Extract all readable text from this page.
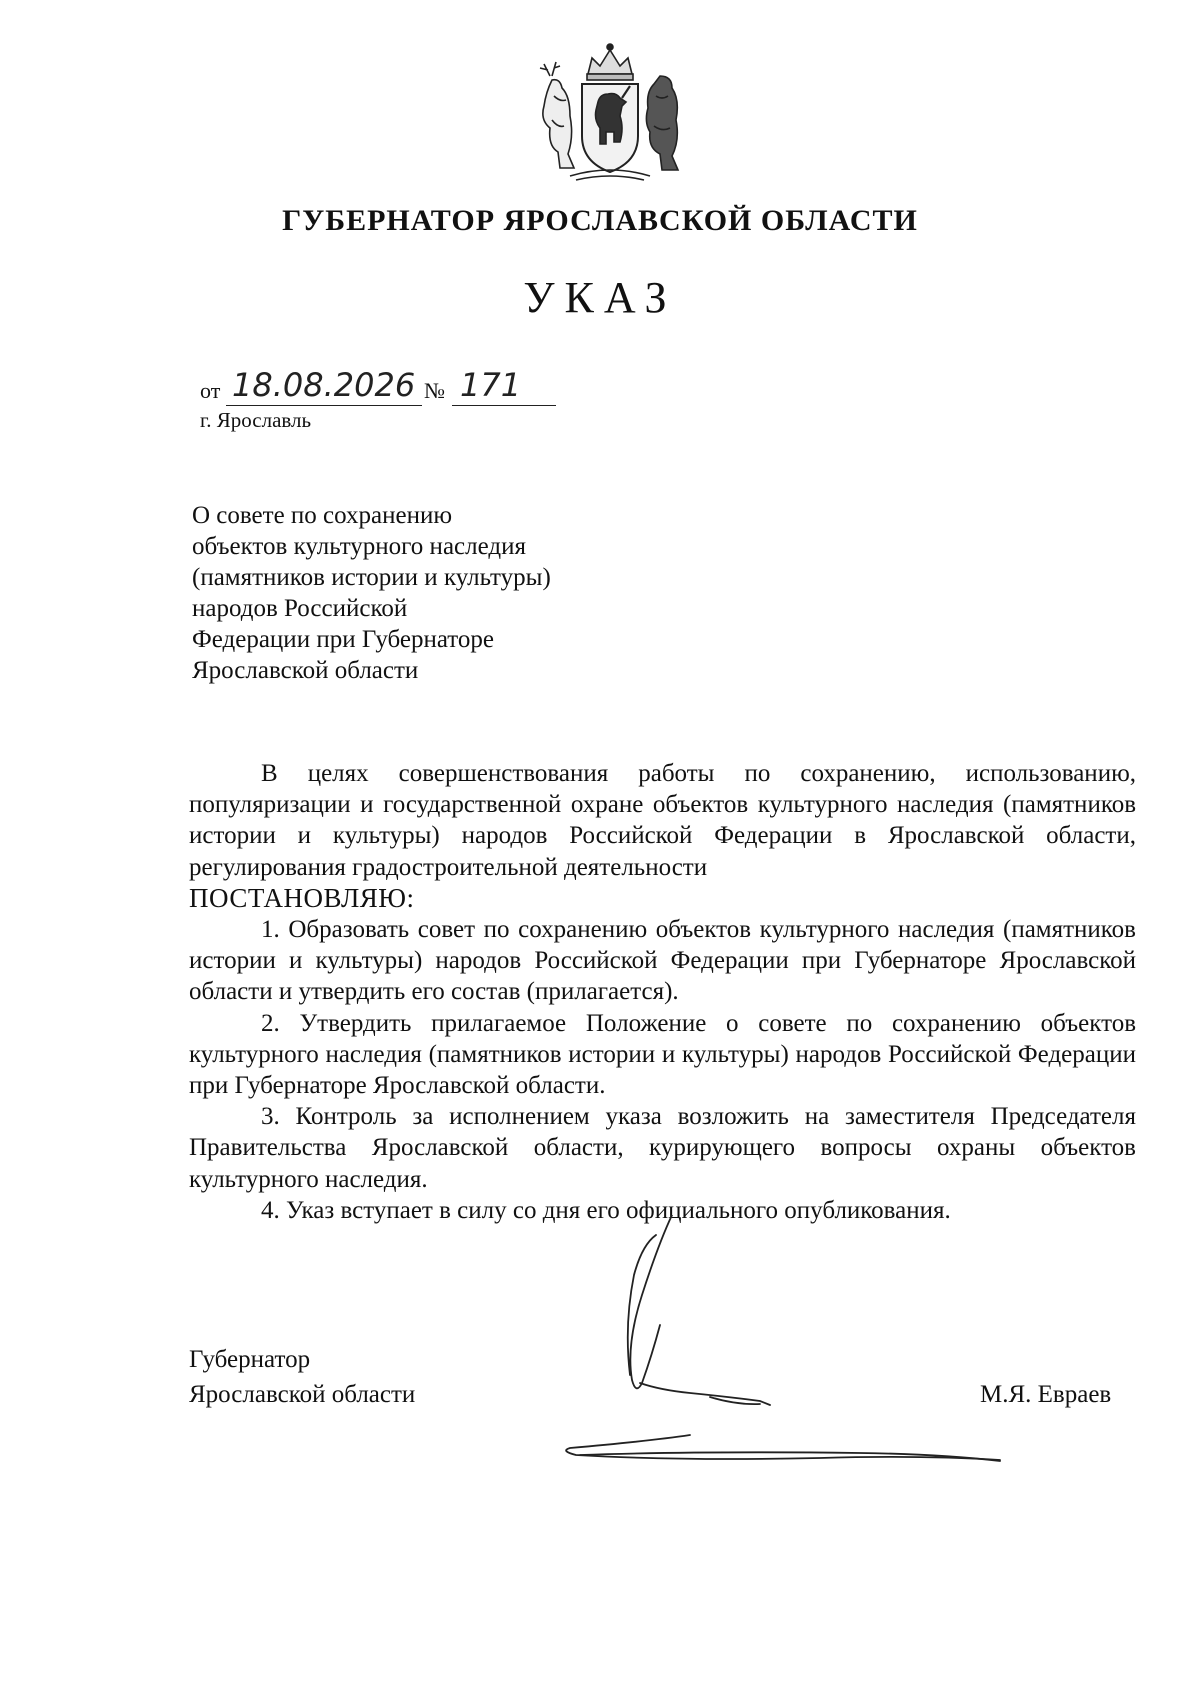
ГУБЕРНАТОР ЯРОСЛАВСКОЙ ОБЛАСТИ
УКАЗ
от 18.08.2026 № 171
г. Ярославль
О совете по сохранению
объектов культурного наследия
(памятников истории и культуры)
народов Российской
Федерации при Губернаторе
Ярославской области

В целях совершенствования работы по сохранению, использованию, популяризации и государственной охране объектов культурного наследия (памятников истории и культуры) народов Российской Федерации в Ярославской области, регулирования градостроительной деятельности

ПОСТАНОВЛЯЮ:

1. Образовать совет по сохранению объектов культурного наследия (памятников истории и культуры) народов Российской Федерации при Губернаторе Ярославской области и утвердить его состав (прилагается).

2. Утвердить прилагаемое Положение о совете по сохранению объектов культурного наследия (памятников истории и культуры) народов Российской Федерации при Губернаторе Ярославской области.

3. Контроль за исполнением указа возложить на заместителя Председателя Правительства Ярославской области, курирующего вопросы охраны объектов культурного наследия.

4. Указ вступает в силу со дня его официального опубликования.

Губернатор
Ярославской области	М.Я. Евраев
